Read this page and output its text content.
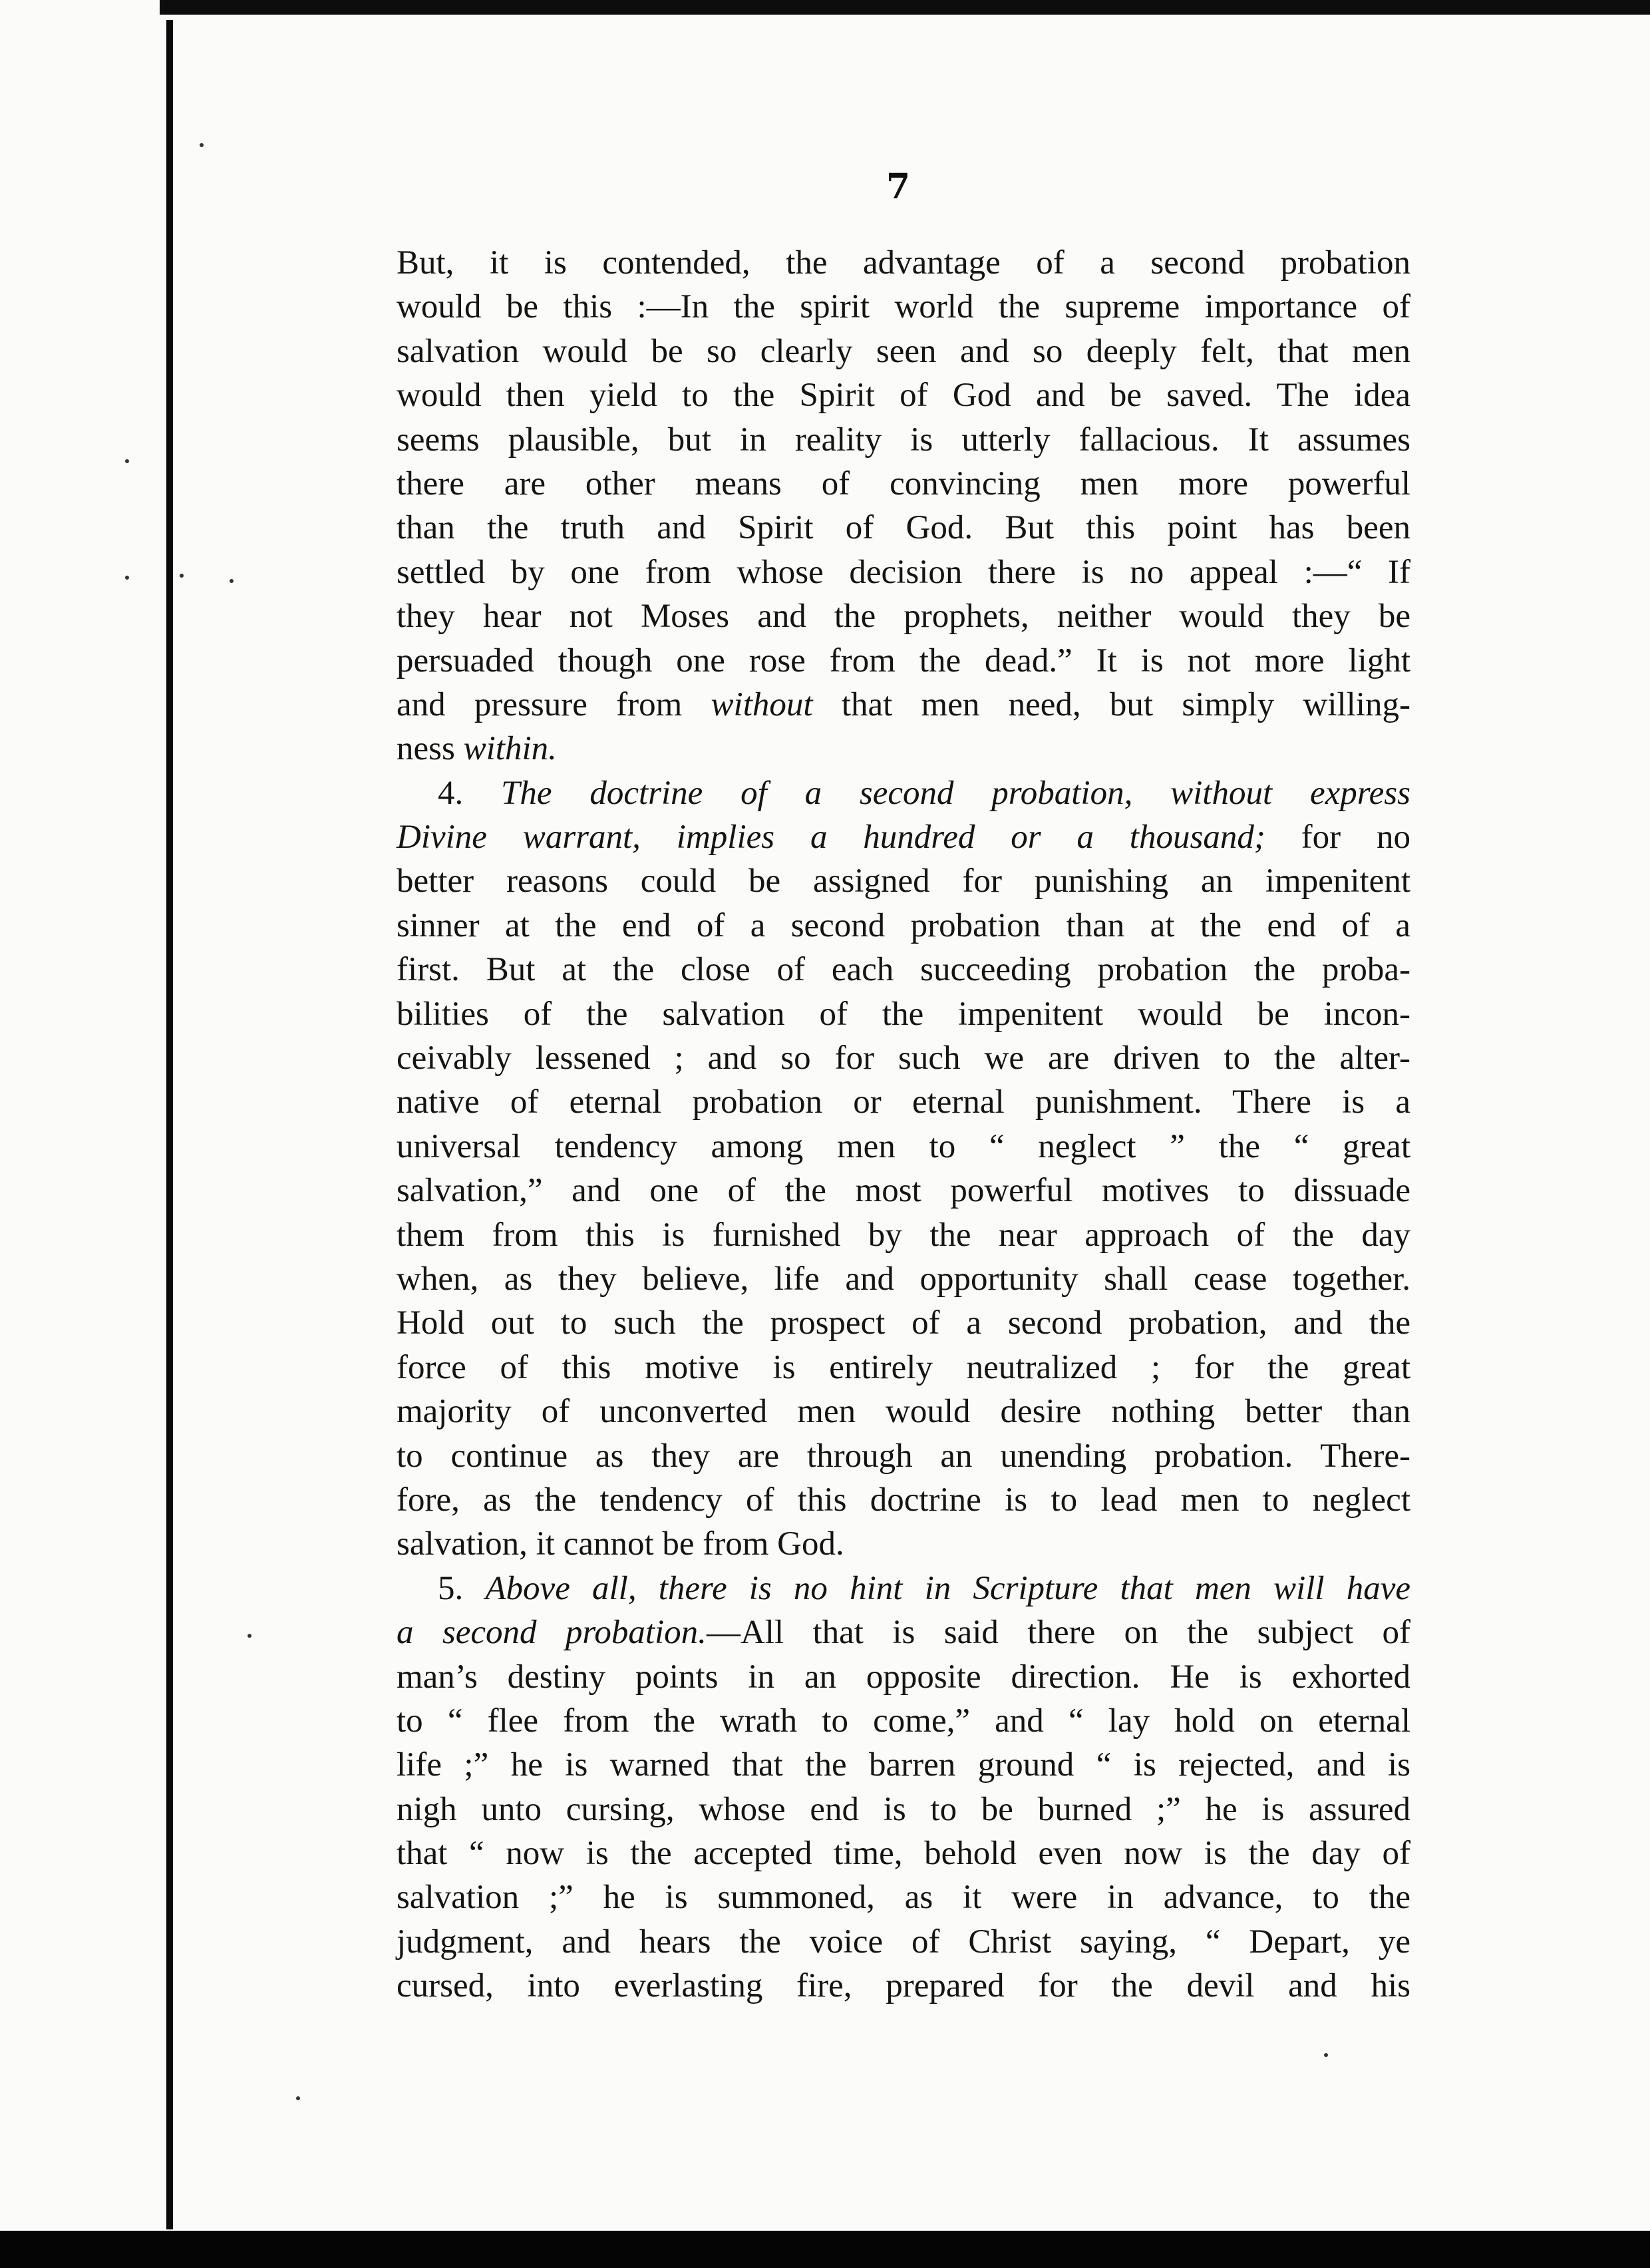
7
But, it is contended, the advantage of a second probation
would be this :—In the spirit world the supreme importance of
salvation would be so clearly seen and so deeply felt, that men
would then yield to the Spirit of God and be saved. The idea
seems plausible, but in reality is utterly fallacious. It assumes
there are other means of convincing men more powerful
than the truth and Spirit of God. But this point has been
settled by one from whose decision there is no appeal :—“ If
they hear not Moses and the prophets, neither would they be
persuaded though one rose from the dead.” It is not more light
and pressure from without that men need, but simply willing-
ness within.
4. The doctrine of a second probation, without express
Divine warrant, implies a hundred or a thousand; for no
better reasons could be assigned for punishing an impenitent
sinner at the end of a second probation than at the end of a
first. But at the close of each succeeding probation the proba-
bilities of the salvation of the impenitent would be incon-
ceivably lessened ; and so for such we are driven to the alter-
native of eternal probation or eternal punishment. There is a
universal tendency among men to “ neglect ” the “ great
salvation,” and one of the most powerful motives to dissuade
them from this is furnished by the near approach of the day
when, as they believe, life and opportunity shall cease together.
Hold out to such the prospect of a second probation, and the
force of this motive is entirely neutralized ; for the great
majority of unconverted men would desire nothing better than
to continue as they are through an unending probation. There-
fore, as the tendency of this doctrine is to lead men to neglect
salvation, it cannot be from God.
5. Above all, there is no hint in Scripture that men will have
a second probation.—All that is said there on the subject of
man’s destiny points in an opposite direction. He is exhorted
to “ flee from the wrath to come,” and “ lay hold on eternal
life ;” he is warned that the barren ground “ is rejected, and is
nigh unto cursing, whose end is to be burned ;” he is assured
that “ now is the accepted time, behold even now is the day of
salvation ;” he is summoned, as it were in advance, to the
judgment, and hears the voice of Christ saying, “ Depart, ye
cursed, into everlasting fire, prepared for the devil and his
